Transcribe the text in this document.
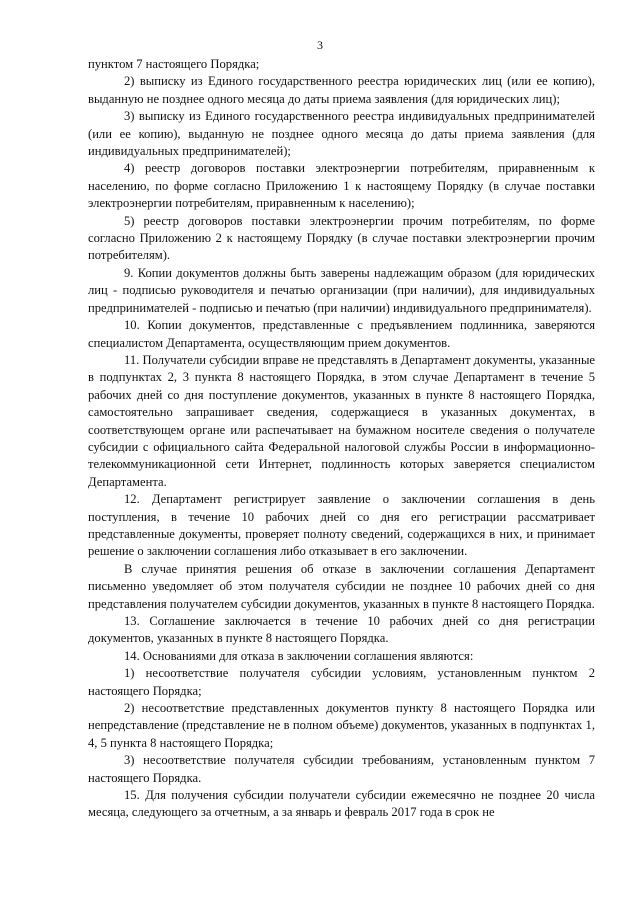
3

пунктом 7 настоящего Порядка;

2) выписку из Единого государственного реестра юридических лиц (или ее копию), выданную не позднее одного месяца до даты приема заявления (для юридических лиц);

3) выписку из Единого государственного реестра индивидуальных предпринимателей (или ее копию), выданную не позднее одного месяца до даты приема заявления (для индивидуальных предпринимателей);

4) реестр договоров поставки электроэнергии потребителям, приравненным к населению, по форме согласно Приложению 1 к настоящему Порядку (в случае поставки электроэнергии потребителям, приравненным к населению);

5) реестр договоров поставки электроэнергии прочим потребителям, по форме согласно Приложению 2 к настоящему Порядку (в случае поставки электроэнергии прочим потребителям).

9. Копии документов должны быть заверены надлежащим образом (для юридических лиц - подписью руководителя и печатью организации (при наличии), для индивидуальных предпринимателей - подписью и печатью (при наличии) индивидуального предпринимателя).

10. Копии документов, представленные с предъявлением подлинника, заверяются специалистом Департамента, осуществляющим прием документов.

11. Получатели субсидии вправе не представлять в Департамент документы, указанные в подпунктах 2, 3 пункта 8 настоящего Порядка, в этом случае Департамент в течение 5 рабочих дней со дня поступление документов, указанных в пункте 8 настоящего Порядка, самостоятельно запрашивает сведения, содержащиеся в указанных документах, в соответствующем органе или распечатывает на бумажном носителе сведения о получателе субсидии с официального сайта Федеральной налоговой службы России в информационно-телекоммуникационной сети Интернет, подлинность которых заверяется специалистом Департамента.

12. Департамент регистрирует заявление о заключении соглашения в день поступления, в течение 10 рабочих дней со дня его регистрации рассматривает представленные документы, проверяет полноту сведений, содержащихся в них, и принимает решение о заключении соглашения либо отказывает в его заключении.

В случае принятия решения об отказе в заключении соглашения Департамент письменно уведомляет об этом получателя субсидии не позднее 10 рабочих дней со дня представления получателем субсидии документов, указанных в пункте 8 настоящего Порядка.

13. Соглашение заключается в течение 10 рабочих дней со дня регистрации документов, указанных в пункте 8 настоящего Порядка.

14. Основаниями для отказа в заключении соглашения являются:

1) несоответствие получателя субсидии условиям, установленным пунктом 2 настоящего Порядка;

2) несоответствие представленных документов пункту 8 настоящего Порядка или непредставление (представление не в полном объеме) документов, указанных в подпунктах 1, 4, 5 пункта 8 настоящего Порядка;

3) несоответствие получателя субсидии требованиям, установленным пунктом 7 настоящего Порядка.

15. Для получения субсидии получатели субсидии ежемесячно не позднее 20 числа месяца, следующего за отчетным, а за январь и февраль 2017 года в срок не
